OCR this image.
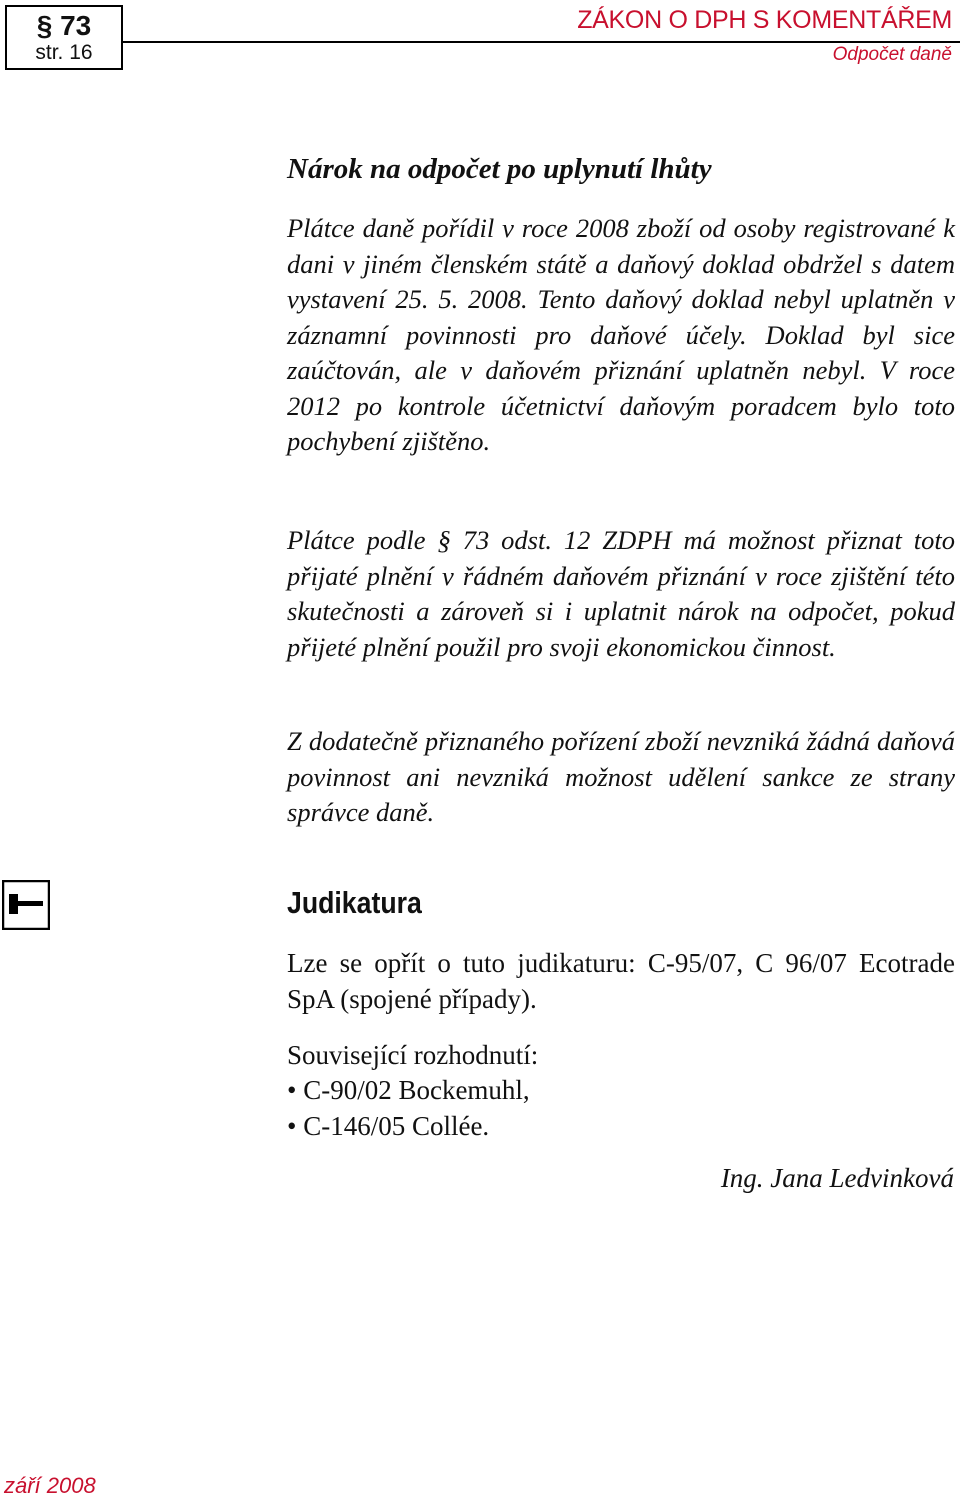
§ 73
str. 16
ZÁKON O DPH S KOMENTÁŘEM
Odpočet daně
Nárok na odpočet po uplynutí lhůty

Plátce daně pořídil v roce 2008 zboží od osoby registrované k dani v jiném členském státě a daňový doklad obdržel s datem vystavení 25. 5. 2008. Tento daňový doklad nebyl uplatněn v záznamní povinnosti pro daňové účely. Doklad byl sice zaúčtován, ale v daňovém přiznání uplatněn nebyl. V roce 2012 po kontrole účetnictví daňovým poradcem bylo toto pochybení zjištěno.

Plátce podle § 73 odst. 12 ZDPH má možnost přiznat toto přijaté plnění v řádném daňovém přiznání v roce zjištění této skutečnosti a zároveň si i uplatnit nárok na odpočet, pokud přijeté plnění použil pro svoji ekonomickou činnost.

Z dodatečně přiznaného pořízení zboží nevzniká žádná daňová povinnost ani nevzniká možnost udělení sankce ze strany správce daně.

Judikatura

Lze se opřít o tuto judikaturu: C-95/07, C 96/07 Ecotrade SpA (spojené případy).

Související rozhodnutí:

• C-90/02 Bockemuhl,
• C-146/05 Collée.

Ing. Jana Ledvinková

září 2008
